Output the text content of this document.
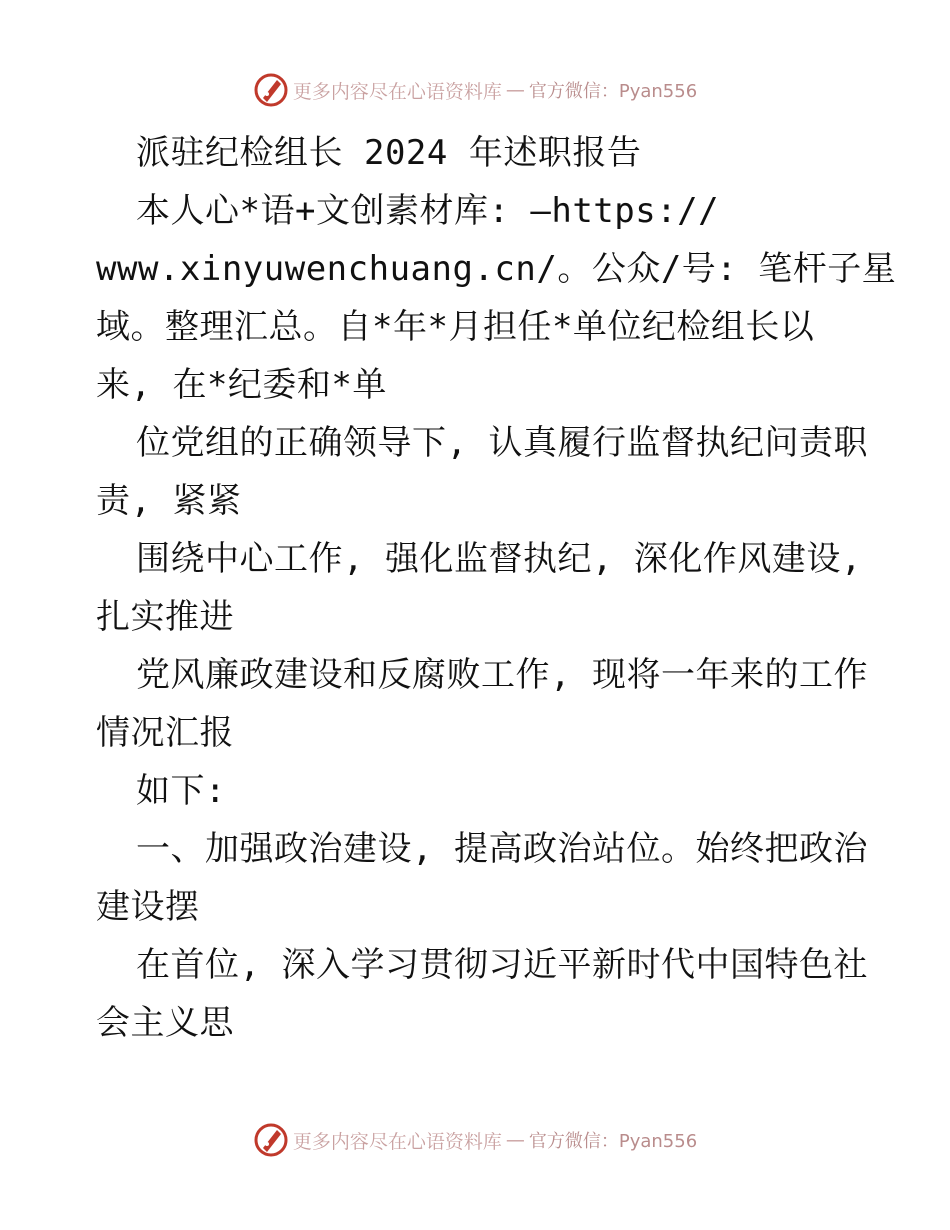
更多内容尽在心语资料库 — 官方微信：Pyan556
派驻纪检组长 2024 年述职报告
本人心*语+文创素材库: —https://
www.xinyuwenchuang.cn/。公众/号: 笔杆子星
域。整理汇总。自*年*月担任*单位纪检组长以
来, 在*纪委和*单
位党组的正确领导下, 认真履行监督执纪问责职
责, 紧紧
围绕中心工作, 强化监督执纪, 深化作风建设,
扎实推进
党风廉政建设和反腐败工作, 现将一年来的工作
情况汇报
如下:
一、加强政治建设, 提高政治站位。始终把政治
建设摆
在首位, 深入学习贯彻习近平新时代中国特色社
会主义思
更多内容尽在心语资料库 — 官方微信：Pyan556
